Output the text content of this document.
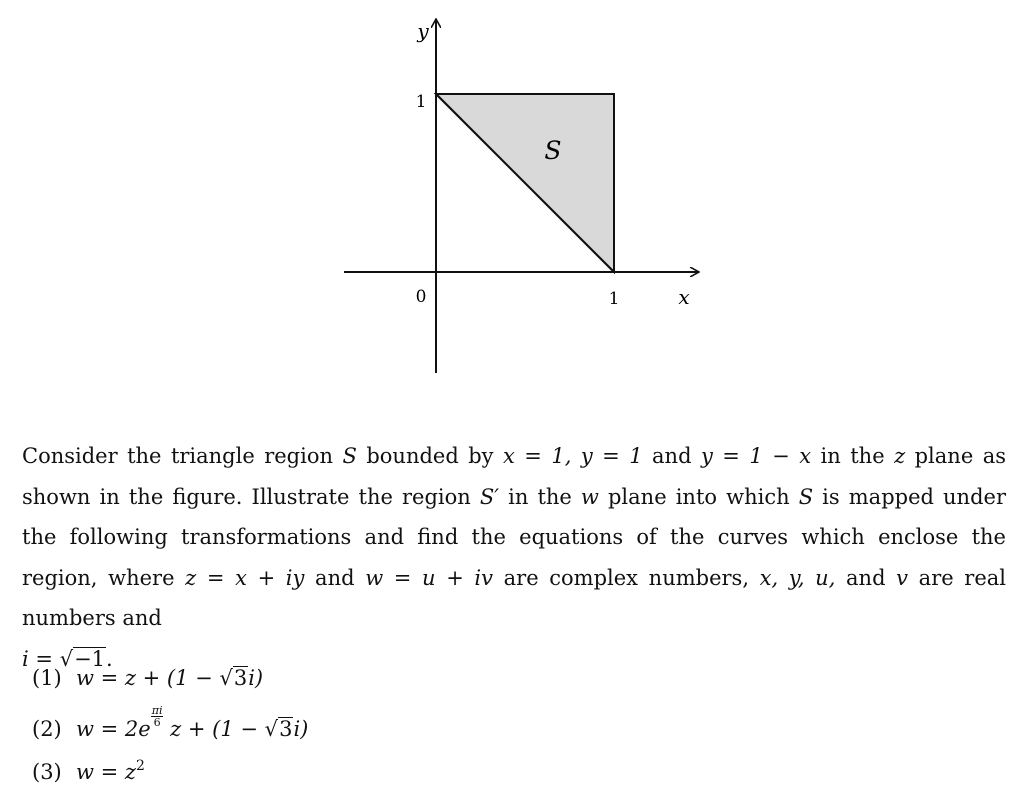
y
x
1
1
0
S

Consider the triangle region S bounded by x = 1, y = 1 and y = 1 − x in the z plane as shown in the figure. Illustrate the region S′ in the w plane into which S is mapped under the following transformations and find the equations of the curves which enclose the region, where z = x + iy and w = u + iv are complex numbers, x, y, u, and v are real numbers and
i = √−1.

(1) w = z + (1 − √3i)
(2) w = 2e
$\frac{\pi i}{6}$
z + (1 − √3i)
(3) $w = z^2$
